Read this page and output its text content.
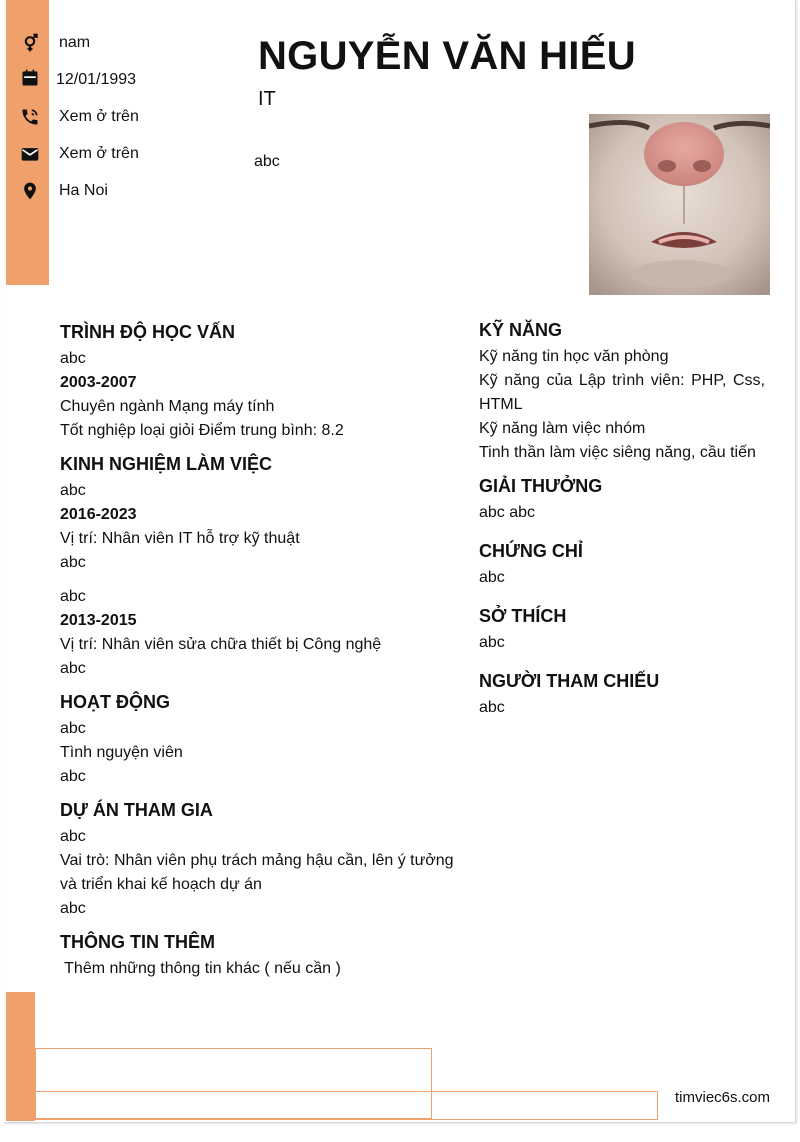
nam
12/01/1993
Xem ở trên
Xem ở trên
Ha Noi
NGUYỄN VĂN HIẾU
IT
abc
TRÌNH ĐỘ HỌC VẤN
abc
2003-2007
Chuyên ngành Mạng máy tính
Tốt nghiệp loại giỏi Điểm trung bình: 8.2
KINH NGHIỆM LÀM VIỆC
abc
2016-2023
Vị trí: Nhân viên IT hỗ trợ kỹ thuật
abc
abc
2013-2015
Vị trí: Nhân viên sửa chữa thiết bị Công nghệ
abc
HOẠT ĐỘNG
abc
Tình nguyện viên
abc
DỰ ÁN THAM GIA
abc
Vai trò: Nhân viên phụ trách mảng hậu cần, lên ý tưởng và triển khai kế hoạch dự án
abc
THÔNG TIN THÊM
Thêm những thông tin khác ( nếu cần )
KỸ NĂNG
Kỹ năng tin học văn phòng
Kỹ năng của Lập trình viên: PHP, Css, HTML
Kỹ năng làm việc nhóm
Tinh thần làm việc siêng năng, cầu tiến
GIẢI THƯỞNG
abc abc
CHỨNG CHỈ
abc
SỞ THÍCH
abc
NGƯỜI THAM CHIẾU
abc
timviec6s.com
